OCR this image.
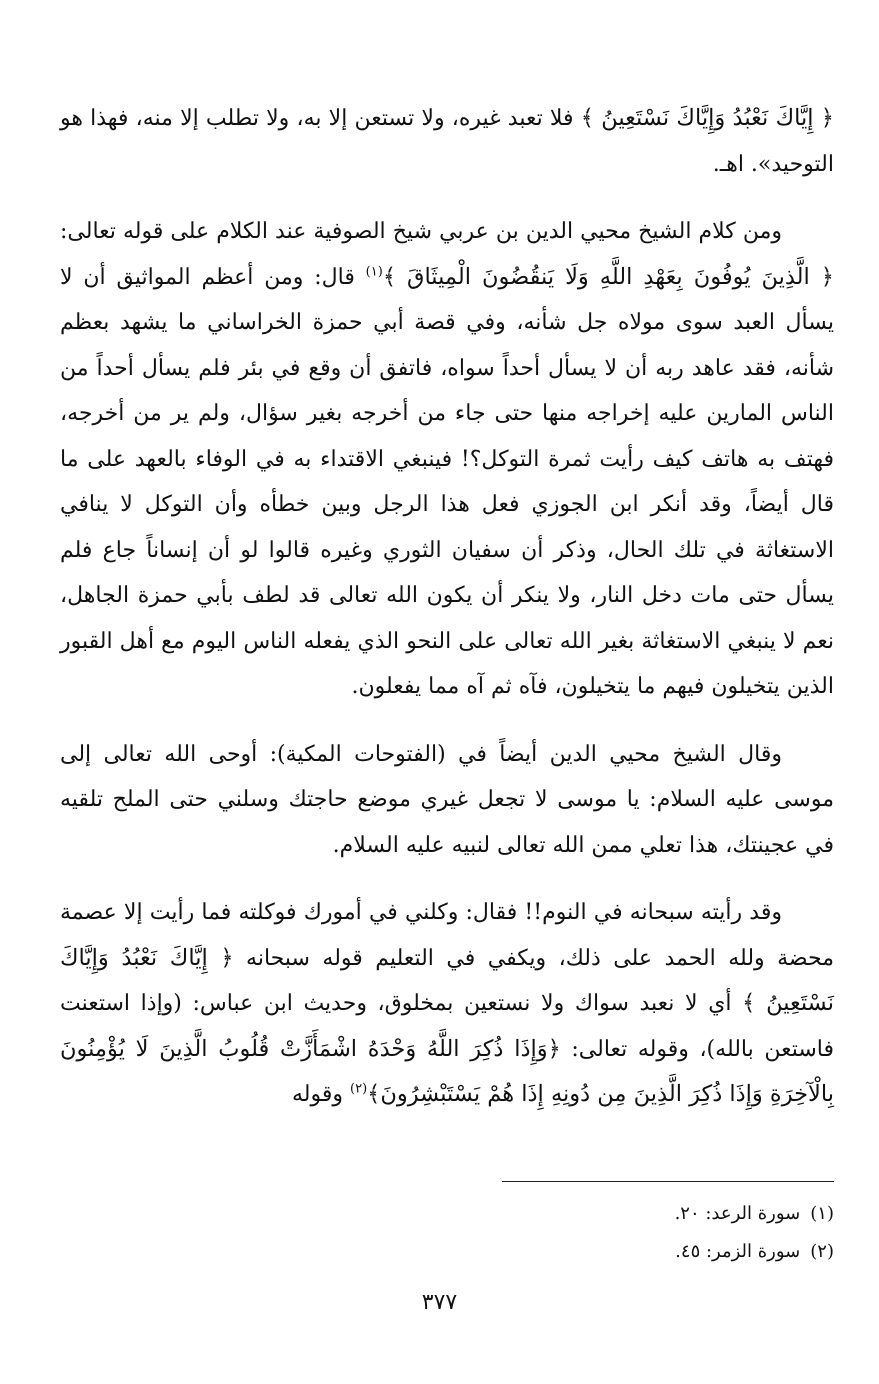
﴿ إِيَّاكَ نَعْبُدُ وَإِيَّاكَ نَسْتَعِينُ ﴾ فلا تعبد غيره، ولا تستعن إلا به، ولا تطلب إلا منه، فهذا هو التوحيد». اهـ.

ومن كلام الشيخ محيي الدين بن عربي شيخ الصوفية عند الكلام على قوله تعالى: ﴿ الَّذِينَ يُوفُونَ بِعَهْدِ اللَّهِ وَلَا يَنقُضُونَ الْمِيثَاقَ ﴾$^{(١)}$ قال: ومن أعظم المواثيق أن لا يسأل العبد سوى مولاه جل شأنه، وفي قصة أبي حمزة الخراساني ما يشهد بعظم شأنه، فقد عاهد ربه أن لا يسأل أحداً سواه، فاتفق أن وقع في بئر فلم يسأل أحداً من الناس المارين عليه إخراجه منها حتى جاء من أخرجه بغير سؤال، ولم ير من أخرجه، فهتف به هاتف كيف رأيت ثمرة التوكل؟! فينبغي الاقتداء به في الوفاء بالعهد على ما قال أيضاً، وقد أنكر ابن الجوزي فعل هذا الرجل وبين خطأه وأن التوكل لا ينافي الاستغاثة في تلك الحال، وذكر أن سفيان الثوري وغيره قالوا لو أن إنساناً جاع فلم يسأل حتى مات دخل النار، ولا ينكر أن يكون الله تعالى قد لطف بأبي حمزة الجاهل، نعم لا ينبغي الاستغاثة بغير الله تعالى على النحو الذي يفعله الناس اليوم مع أهل القبور الذين يتخيلون فيهم ما يتخيلون، فآه ثم آه مما يفعلون.

وقال الشيخ محيي الدين أيضاً في (الفتوحات المكية): أوحى الله تعالى إلى موسى عليه السلام: يا موسى لا تجعل غيري موضع حاجتك وسلني حتى الملح تلقيه في عجينتك، هذا تعلي ممن الله تعالى لنبيه عليه السلام.

وقد رأيته سبحانه في النوم!! فقال: وكلني في أمورك فوكلته فما رأيت إلا عصمة محضة ولله الحمد على ذلك، ويكفي في التعليم قوله سبحانه ﴿ إِيَّاكَ نَعْبُدُ وَإِيَّاكَ نَسْتَعِينُ ﴾ أي لا نعبد سواك ولا نستعين بمخلوق، وحديث ابن عباس: (وإذا استعنت فاستعن بالله)، وقوله تعالى: ﴿وَإِذَا ذُكِرَ اللَّهُ وَحْدَهُ اشْمَأَزَّتْ قُلُوبُ الَّذِينَ لَا يُؤْمِنُونَ بِالْآخِرَةِ وَإِذَا ذُكِرَ الَّذِينَ مِن دُونِهِ إِذَا هُمْ يَسْتَبْشِرُونَ﴾$^{(٢)}$ وقوله

(١)سورة الرعد: ٢٠.

(٢)سورة الزمر: ٤٥.

٣٧٧
